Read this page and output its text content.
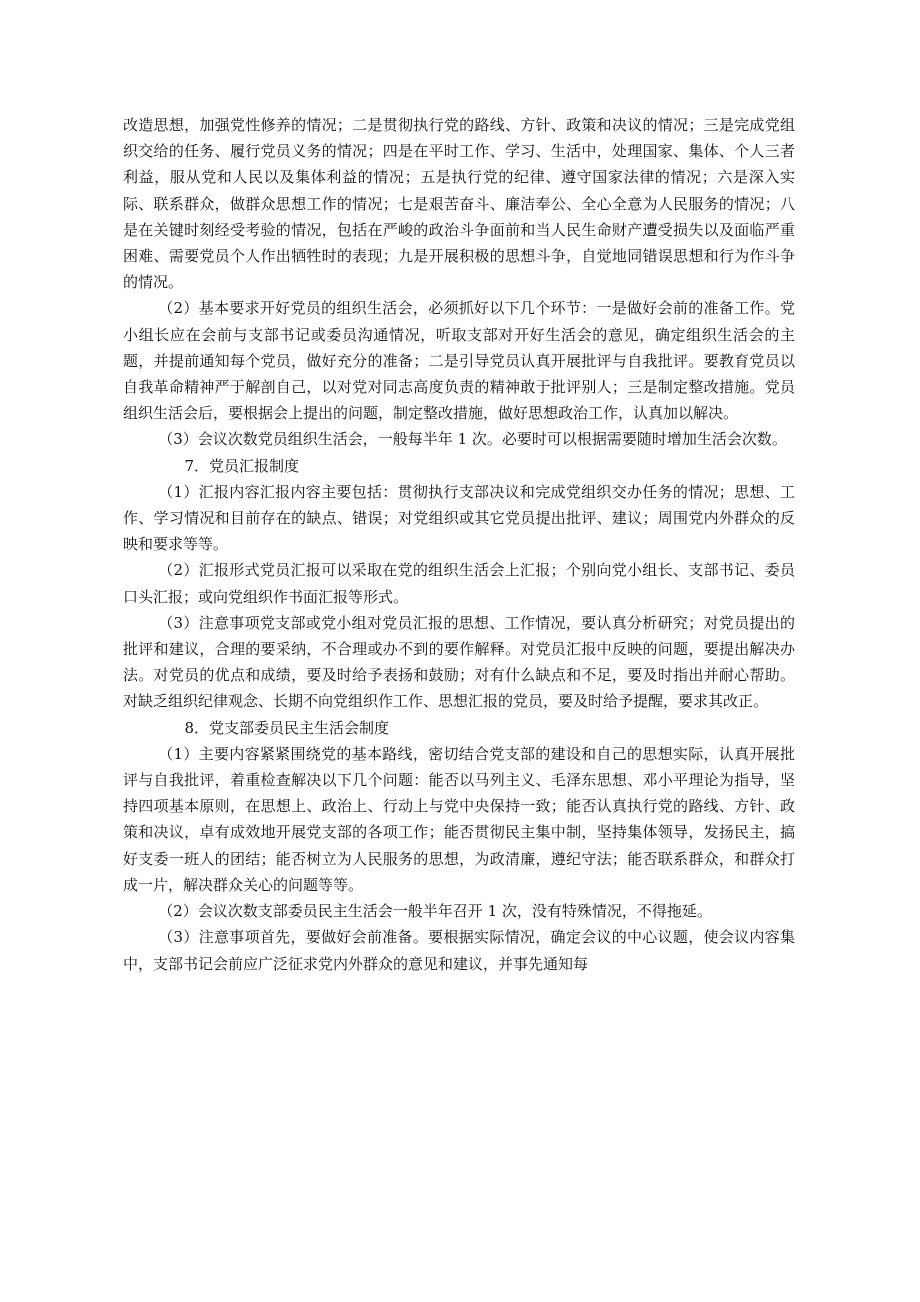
改造思想，加强党性修养的情况；二是贯彻执行党的路线、方针、政策和决议的情况；三是完成党组织交给的任务、履行党员义务的情况；四是在平时工作、学习、生活中，处理国家、集体、个人三者利益，服从党和人民以及集体利益的情况；五是执行党的纪律、遵守国家法律的情况；六是深入实际、联系群众，做群众思想工作的情况；七是艰苦奋斗、廉洁奉公、全心全意为人民服务的情况；八是在关键时刻经受考验的情况，包括在严峻的政治斗争面前和当人民生命财产遭受损失以及面临严重困难、需要党员个人作出牺牲时的表现；九是开展积极的思想斗争，自觉地同错误思想和行为作斗争的情况。

（2）基本要求开好党员的组织生活会，必须抓好以下几个环节：一是做好会前的准备工作。党小组长应在会前与支部书记或委员沟通情况，听取支部对开好生活会的意见，确定组织生活会的主题，并提前通知每个党员，做好充分的准备；二是引导党员认真开展批评与自我批评。要教育党员以自我革命精神严于解剖自己，以对党对同志高度负责的精神敢于批评别人；三是制定整改措施。党员组织生活会后，要根据会上提出的问题，制定整改措施，做好思想政治工作，认真加以解决。

（3）会议次数党员组织生活会，一般每半年 1 次。必要时可以根据需要随时增加生活会次数。

7．党员汇报制度

（1）汇报内容汇报内容主要包括：贯彻执行支部决议和完成党组织交办任务的情况；思想、工作、学习情况和目前存在的缺点、错误；对党组织或其它党员提出批评、建议；周围党内外群众的反映和要求等等。

（2）汇报形式党员汇报可以采取在党的组织生活会上汇报；个别向党小组长、支部书记、委员口头汇报；或向党组织作书面汇报等形式。

（3）注意事项党支部或党小组对党员汇报的思想、工作情况，要认真分析研究；对党员提出的批评和建议，合理的要采纳，不合理或办不到的要作解释。对党员汇报中反映的问题，要提出解决办法。对党员的优点和成绩，要及时给予表扬和鼓励；对有什么缺点和不足，要及时指出并耐心帮助。对缺乏组织纪律观念、长期不向党组织作工作、思想汇报的党员，要及时给予提醒，要求其改正。

8．党支部委员民主生活会制度

（1）主要内容紧紧围绕党的基本路线，密切结合党支部的建设和自己的思想实际，认真开展批评与自我批评，着重检查解决以下几个问题：能否以马列主义、毛泽东思想、邓小平理论为指导，坚持四项基本原则，在思想上、政治上、行动上与党中央保持一致；能否认真执行党的路线、方针、政策和决议，卓有成效地开展党支部的各项工作；能否贯彻民主集中制，坚持集体领导，发扬民主，搞好支委一班人的团结；能否树立为人民服务的思想，为政清廉，遵纪守法；能否联系群众，和群众打成一片，解决群众关心的问题等等。

（2）会议次数支部委员民主生活会一般半年召开 1 次，没有特殊情况，不得拖延。

（3）注意事项首先，要做好会前准备。要根据实际情况，确定会议的中心议题，使会议内容集中，支部书记会前应广泛征求党内外群众的意见和建议，并事先通知每
